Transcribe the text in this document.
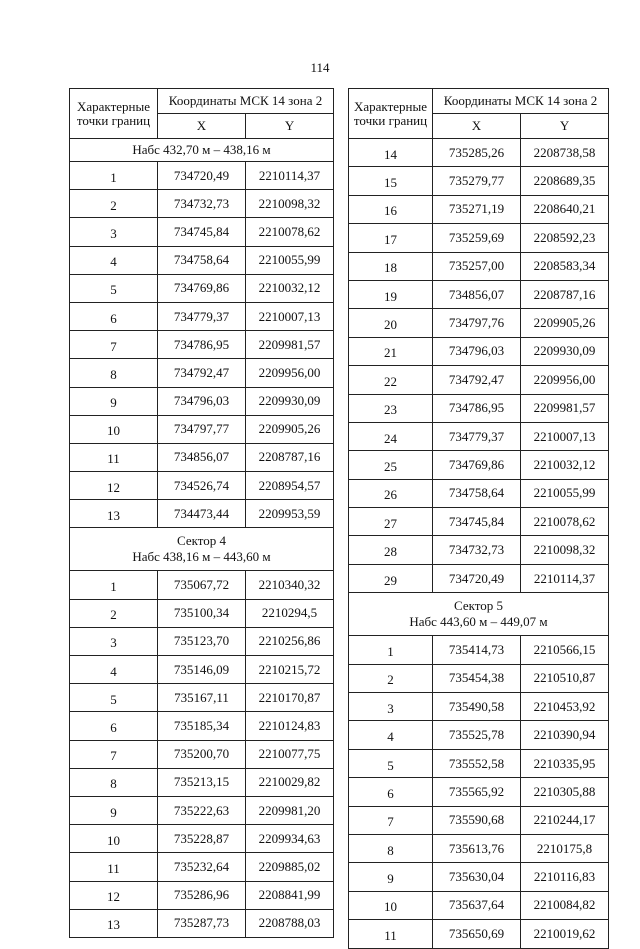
114
Характерные точки границ	Координаты МСК 14 зона 2	
	X	Y
Набс 432,70 м – 438,16 м		
1	734720,49	2210114,37
2	734732,73	2210098,32
3	734745,84	2210078,62
4	734758,64	2210055,99
5	734769,86	2210032,12
6	734779,37	2210007,13
7	734786,95	2209981,57
8	734792,47	2209956,00
9	734796,03	2209930,09
10	734797,77	2209905,26
11	734856,07	2208787,16
12	734526,74	2208954,57
13	734473,44	2209953,59

Сектор 4
Набс 438,16 м – 443,60 м		

1	735067,72	2210340,32
2	735100,34	2210294,5
3	735123,70	2210256,86
4	735146,09	2210215,72
5	735167,11	2210170,87
6	735185,34	2210124,83
7	735200,70	2210077,75
8	735213,15	2210029,82
9	735222,63	2209981,20
10	735228,87	2209934,63
11	735232,64	2209885,02
12	735286,96	2208841,99
13	735287,73	2208788,03
Характерные точки границ	Координаты МСК 14 зона 2	
	X	Y
14	735285,26	2208738,58
15	735279,77	2208689,35
16	735271,19	2208640,21
17	735259,69	2208592,23
18	735257,00	2208583,34
19	734856,07	2208787,16
20	734797,76	2209905,26
21	734796,03	2209930,09
22	734792,47	2209956,00
23	734786,95	2209981,57
24	734779,37	2210007,13
25	734769,86	2210032,12
26	734758,64	2210055,99
27	734745,84	2210078,62
28	734732,73	2210098,32
29	734720,49	2210114,37

Сектор 5
Набс 443,60 м – 449,07 м		

1	735414,73	2210566,15
2	735454,38	2210510,87
3	735490,58	2210453,92
4	735525,78	2210390,94
5	735552,58	2210335,95
6	735565,92	2210305,88
7	735590,68	2210244,17
8	735613,76	2210175,8
9	735630,04	2210116,83
10	735637,64	2210084,82
11	735650,69	2210019,62
